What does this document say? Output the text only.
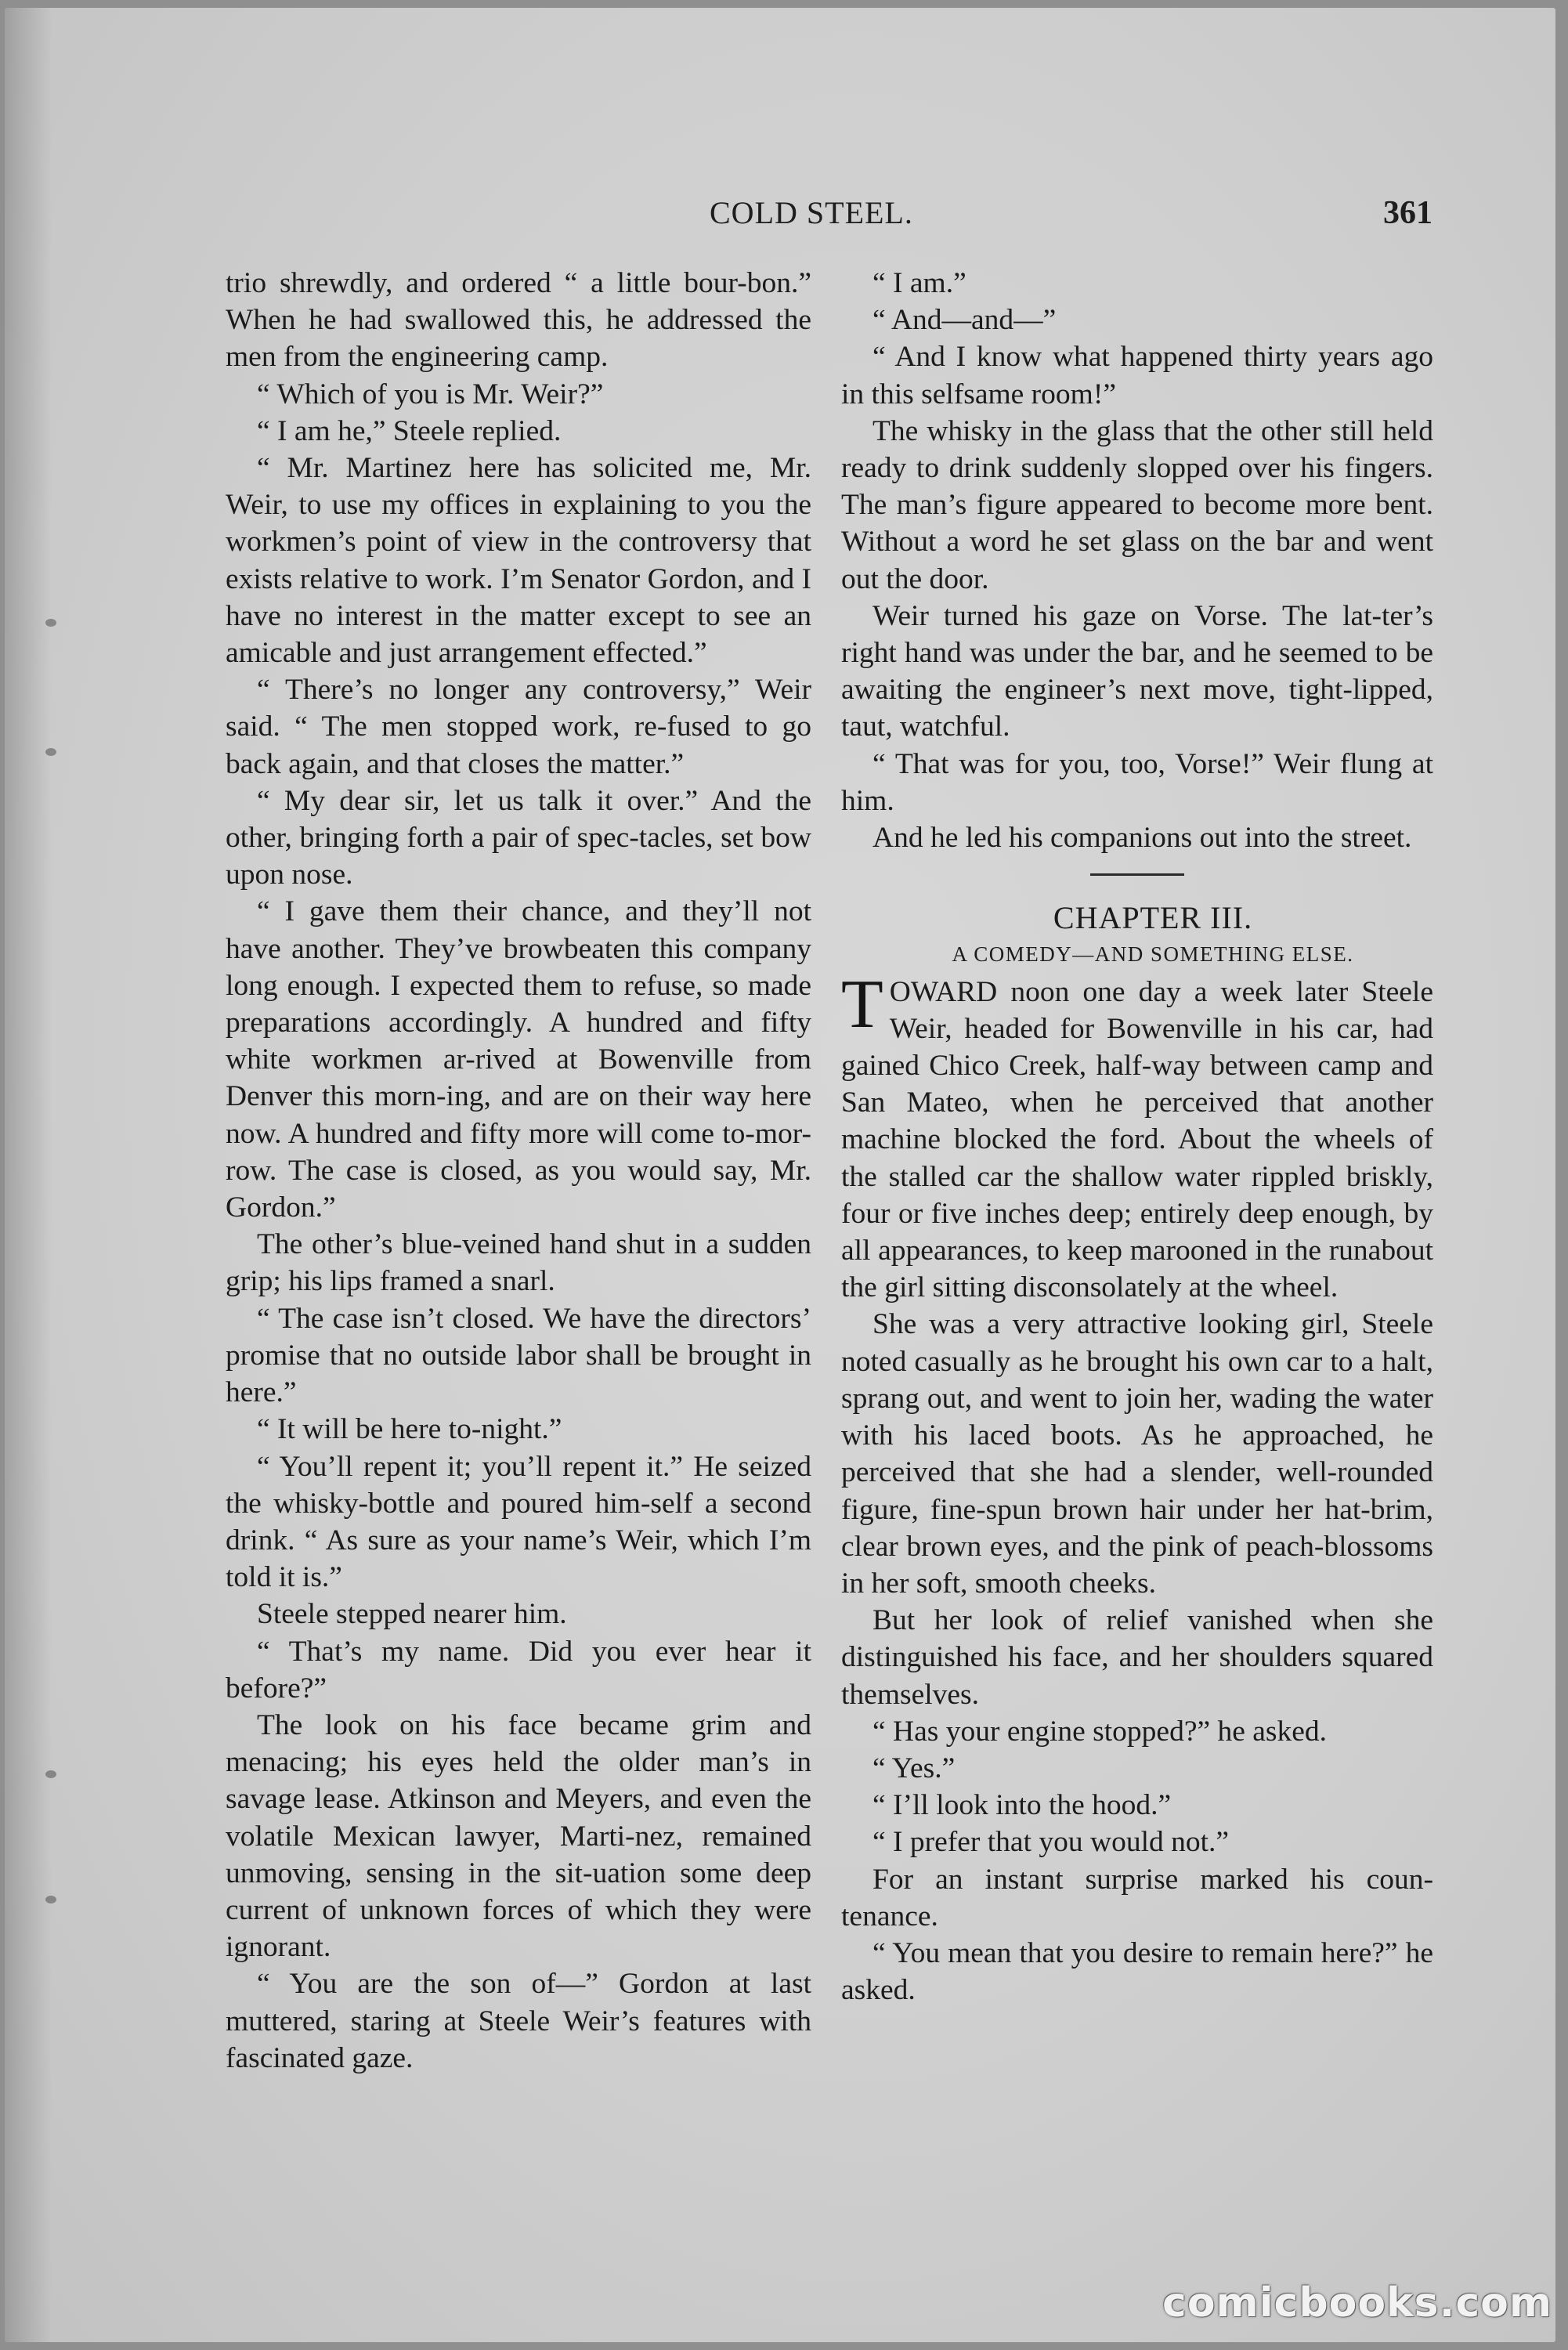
COLD STEEL.	361

trio shrewdly, and ordered “ a little bour-bon.” When he had swallowed this, he addressed the men from the engineering camp.

“ Which of you is Mr. Weir?”

“ I am he,” Steele replied.

“ Mr. Martinez here has solicited me, Mr. Weir, to use my offices in explaining to you the workmen’s point of view in the controversy that exists relative to work. I’m Senator Gordon, and I have no interest in the matter except to see an amicable and just arrangement effected.”

“ There’s no longer any controversy,” Weir said. “ The men stopped work, re-fused to go back again, and that closes the matter.”

“ My dear sir, let us talk it over.” And the other, bringing forth a pair of spec-tacles, set bow upon nose.

“ I gave them their chance, and they’ll not have another. They’ve browbeaten this company long enough. I expected them to refuse, so made preparations accordingly. A hundred and fifty white workmen ar-rived at Bowenville from Denver this morn-ing, and are on their way here now. A hundred and fifty more will come to-mor-row. The case is closed, as you would say, Mr. Gordon.”

The other’s blue-veined hand shut in a sudden grip; his lips framed a snarl.

“ The case isn’t closed. We have the directors’ promise that no outside labor shall be brought in here.”

“ It will be here to-night.”

“ You’ll repent it; you’ll repent it.” He seized the whisky-bottle and poured him-self a second drink. “ As sure as your name’s Weir, which I’m told it is.”

Steele stepped nearer him.

“ That’s my name. Did you ever hear it before?”

The look on his face became grim and menacing; his eyes held the older man’s in savage lease. Atkinson and Meyers, and even the volatile Mexican lawyer, Marti-nez, remained unmoving, sensing in the sit-uation some deep current of unknown forces of which they were ignorant.

“ You are the son of—” Gordon at last muttered, staring at Steele Weir’s features with fascinated gaze.

“ I am.”

“ And—and—”

“ And I know what happened thirty years ago in this selfsame room!”

The whisky in the glass that the other still held ready to drink suddenly slopped over his fingers. The man’s figure appeared to become more bent. Without a word he set glass on the bar and went out the door.

Weir turned his gaze on Vorse. The lat-ter’s right hand was under the bar, and he seemed to be awaiting the engineer’s next move, tight-lipped, taut, watchful.

“ That was for you, too, Vorse!” Weir flung at him.

And he led his companions out into the street.

CHAPTER III.

A COMEDY—AND SOMETHING ELSE.

TOWARD noon one day a week later Steele Weir, headed for Bowenville in his car, had gained Chico Creek, half-way between camp and San Mateo, when he perceived that another machine blocked the ford. About the wheels of the stalled car the shallow water rippled briskly, four or five inches deep; entirely deep enough, by all appearances, to keep marooned in the runabout the girl sitting disconsolately at the wheel.

She was a very attractive looking girl, Steele noted casually as he brought his own car to a halt, sprang out, and went to join her, wading the water with his laced boots. As he approached, he perceived that she had a slender, well-rounded figure, fine-spun brown hair under her hat-brim, clear brown eyes, and the pink of peach-blossoms in her soft, smooth cheeks.

But her look of relief vanished when she distinguished his face, and her shoulders squared themselves.

“ Has your engine stopped?” he asked.

“ Yes.”

“ I’ll look into the hood.”

“ I prefer that you would not.”

For an instant surprise marked his coun-tenance.

“ You mean that you desire to remain here?” he asked.

comicbooks.com
